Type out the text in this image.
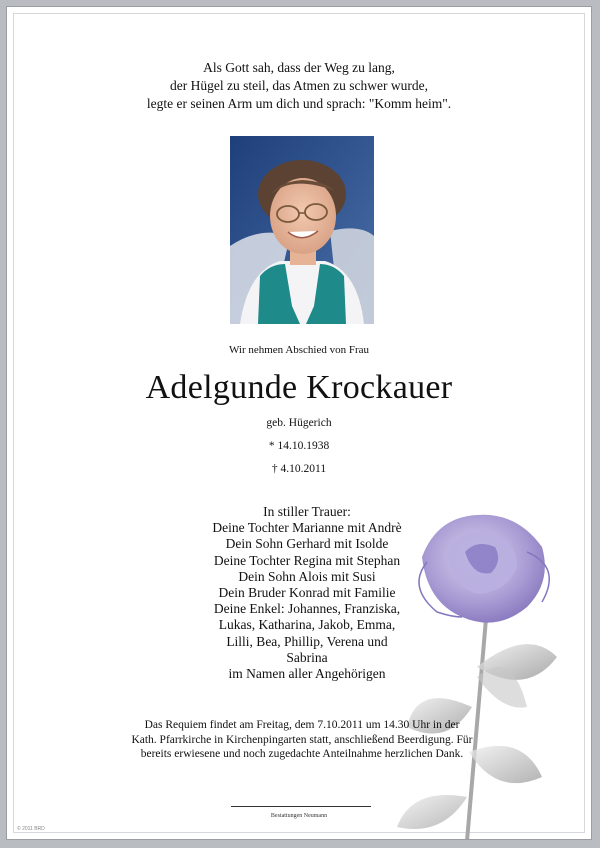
Als Gott sah, dass der Weg zu lang,
der Hügel zu steil, das Atmen zu schwer wurde,
legte er seinen Arm um dich und sprach: "Komm heim".
Wir nehmen Abschied von Frau
Adelgunde Krockauer
geb. Hügerich
* 14.10.1938
† 4.10.2011
In stiller Trauer:
Deine Tochter Marianne mit Andrè
Dein Sohn Gerhard mit Isolde
Deine Tochter Regina mit Stephan
Dein Sohn Alois mit Susi
Dein Bruder Konrad mit Familie
Deine Enkel: Johannes, Franziska,
Lukas, Katharina, Jakob, Emma,
Lilli, Bea, Phillip, Verena und
Sabrina
im Namen aller Angehörigen
Das Requiem findet am Freitag, dem 7.10.2011 um 14.30 Uhr in der
Kath. Pfarrkirche in Kirchenpingarten statt, anschließend Beerdigung. Für
bereits erwiesene und noch zugedachte Anteilnahme herzlichen Dank.
Bestattungen Neumann
© 2011 BRD
